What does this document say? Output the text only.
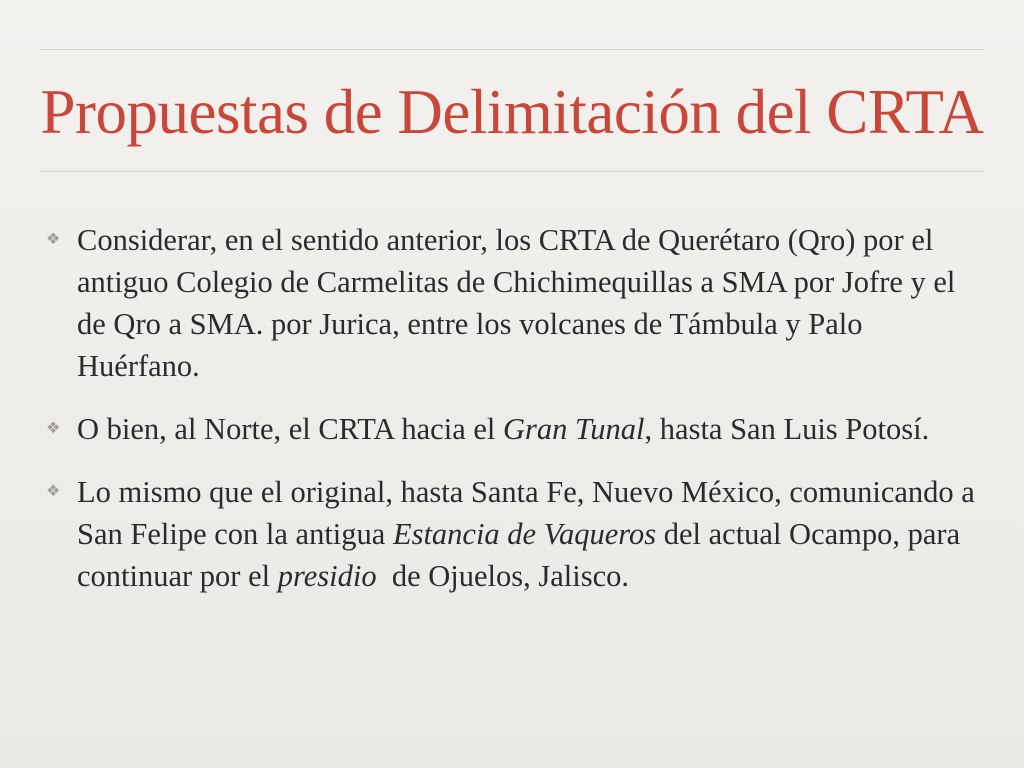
Propuestas de Delimitación del CRTA
❖ Considerar, en el sentido anterior, los CRTA de Querétaro (Qro) por el antiguo Colegio de Carmelitas de Chichimequillas a SMA por Jofre y el de Qro a SMA. por Jurica, entre los volcanes de Támbula y Palo Huérfano.
❖ O bien, al Norte, el CRTA hacia el Gran Tunal, hasta San Luis Potosí.
❖ Lo mismo que el original, hasta Santa Fe, Nuevo México, comunicando a San Felipe con la antigua Estancia de Vaqueros del actual Ocampo, para continuar por el presidio  de Ojuelos, Jalisco.
